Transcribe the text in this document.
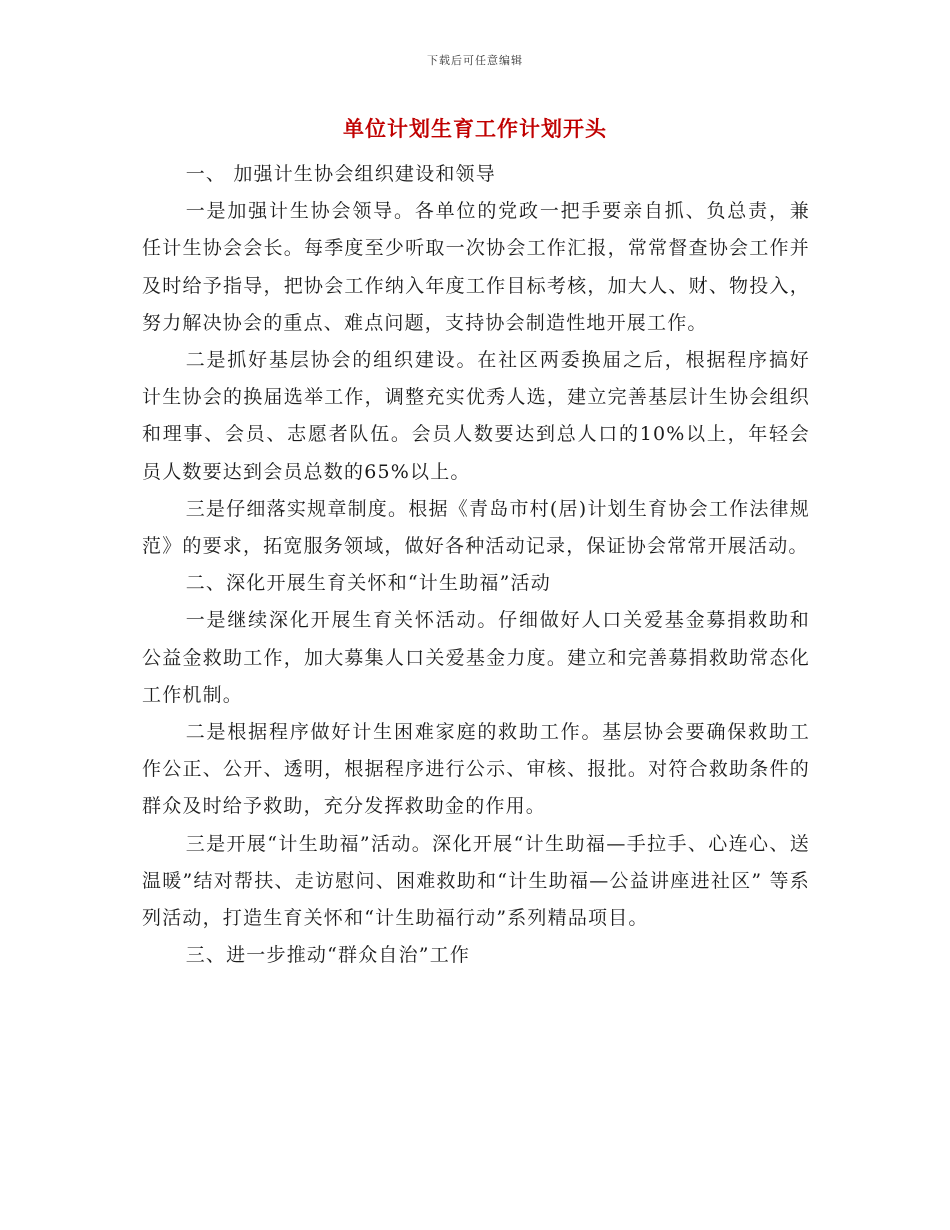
下载后可任意编辑
单位计划生育工作计划开头

一、 加强计生协会组织建设和领导

一是加强计生协会领导。各单位的党政一把手要亲自抓、负总责，兼任计生协会会长。每季度至少听取一次协会工作汇报，常常督查协会工作并及时给予指导，把协会工作纳入年度工作目标考核，加大人、财、物投入，努力解决协会的重点、难点问题，支持协会制造性地开展工作。

二是抓好基层协会的组织建设。在社区两委换届之后，根据程序搞好计生协会的换届选举工作，调整充实优秀人选，建立完善基层计生协会组织和理事、会员、志愿者队伍。会员人数要达到总人口的10%以上，年轻会员人数要达到会员总数的65%以上。

三是仔细落实规章制度。根据《青岛市村(居)计划生育协会工作法律规范》的要求，拓宽服务领域，做好各种活动记录，保证协会常常开展活动。

二、深化开展生育关怀和“计生助福”活动

一是继续深化开展生育关怀活动。仔细做好人口关爱基金募捐救助和公益金救助工作，加大募集人口关爱基金力度。建立和完善募捐救助常态化工作机制。

二是根据程序做好计生困难家庭的救助工作。基层协会要确保救助工作公正、公开、透明，根据程序进行公示、审核、报批。对符合救助条件的群众及时给予救助，充分发挥救助金的作用。

三是开展“计生助福”活动。深化开展“计生助福—手拉手、心连心、送温暖”结对帮扶、走访慰问、困难救助和“计生助福—公益讲座进社区” 等系列活动，打造生育关怀和“计生助福行动”系列精品项目。

三、进一步推动“群众自治”工作
